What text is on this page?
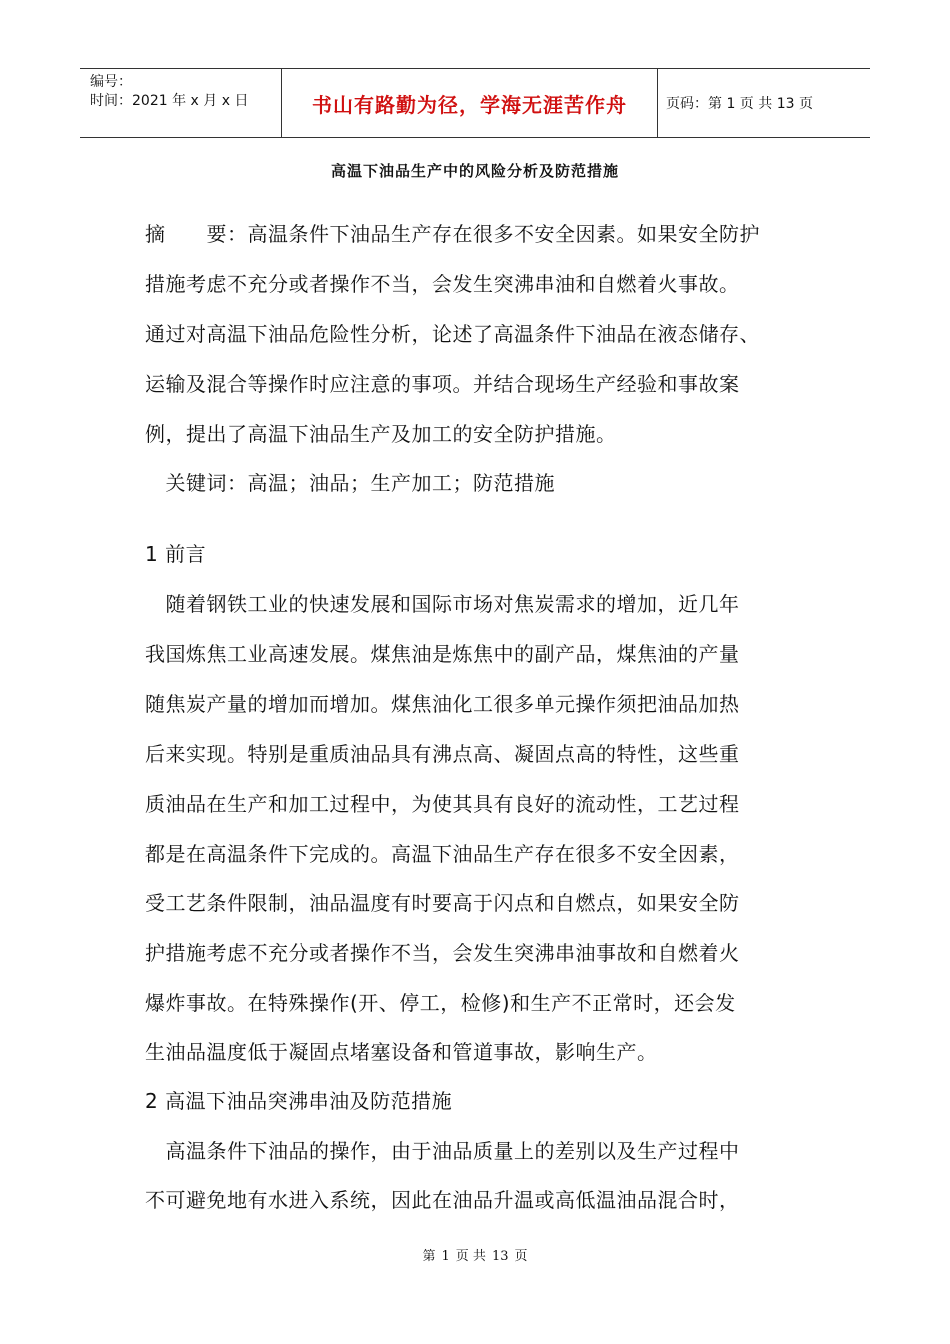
编号：
时间：2021 年 x 月 x 日	书山有路勤为径，学海无涯苦作舟	页码：第 1 页 共 13 页
高温下油品生产中的风险分析及防范措施
摘　　要：高温条件下油品生产存在很多不安全因素。如果安全防护
措施考虑不充分或者操作不当，会发生突沸串油和自燃着火事故。
通过对高温下油品危险性分析，论述了高温条件下油品在液态储存、
运输及混合等操作时应注意的事项。并结合现场生产经验和事故案
例，提出了高温下油品生产及加工的安全防护措施。
　关键词：高温；油品；生产加工；防范措施
1 前言
　随着钢铁工业的快速发展和国际市场对焦炭需求的增加，近几年
我国炼焦工业高速发展。煤焦油是炼焦中的副产品，煤焦油的产量
随焦炭产量的增加而增加。煤焦油化工很多单元操作须把油品加热
后来实现。特别是重质油品具有沸点高、凝固点高的特性，这些重
质油品在生产和加工过程中，为使其具有良好的流动性，工艺过程
都是在高温条件下完成的。高温下油品生产存在很多不安全因素，
受工艺条件限制，油品温度有时要高于闪点和自燃点，如果安全防
护措施考虑不充分或者操作不当，会发生突沸串油事故和自燃着火
爆炸事故。在特殊操作(开、停工，检修)和生产不正常时，还会发
生油品温度低于凝固点堵塞设备和管道事故，影响生产。
2 高温下油品突沸串油及防范措施
　高温条件下油品的操作，由于油品质量上的差别以及生产过程中
不可避免地有水进入系统，因此在油品升温或高低温油品混合时，
第 1 页 共 13 页
